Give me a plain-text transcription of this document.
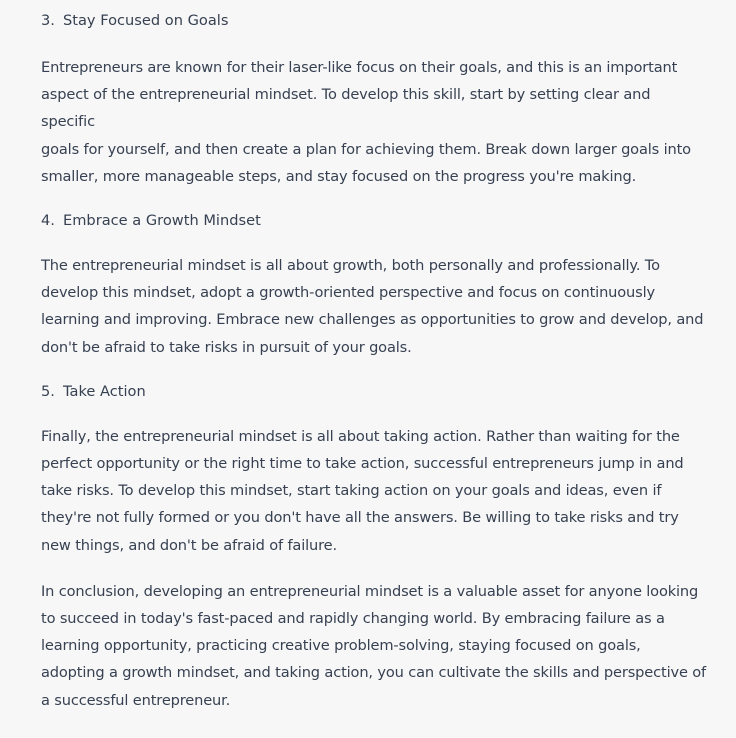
3. Stay Focused on Goals
Entrepreneurs are known for their laser-like focus on their goals, and this is an important
aspect of the entrepreneurial mindset. To develop this skill, start by setting clear and specific
goals for yourself, and then create a plan for achieving them. Break down larger goals into
smaller, more manageable steps, and stay focused on the progress you're making.
4. Embrace a Growth Mindset
The entrepreneurial mindset is all about growth, both personally and professionally. To
develop this mindset, adopt a growth-oriented perspective and focus on continuously
learning and improving. Embrace new challenges as opportunities to grow and develop, and
don't be afraid to take risks in pursuit of your goals.
5. Take Action
Finally, the entrepreneurial mindset is all about taking action. Rather than waiting for the
perfect opportunity or the right time to take action, successful entrepreneurs jump in and
take risks. To develop this mindset, start taking action on your goals and ideas, even if
they're not fully formed or you don't have all the answers. Be willing to take risks and try
new things, and don't be afraid of failure.
In conclusion, developing an entrepreneurial mindset is a valuable asset for anyone looking
to succeed in today's fast-paced and rapidly changing world. By embracing failure as a
learning opportunity, practicing creative problem-solving, staying focused on goals,
adopting a growth mindset, and taking action, you can cultivate the skills and perspective of
a successful entrepreneur.
